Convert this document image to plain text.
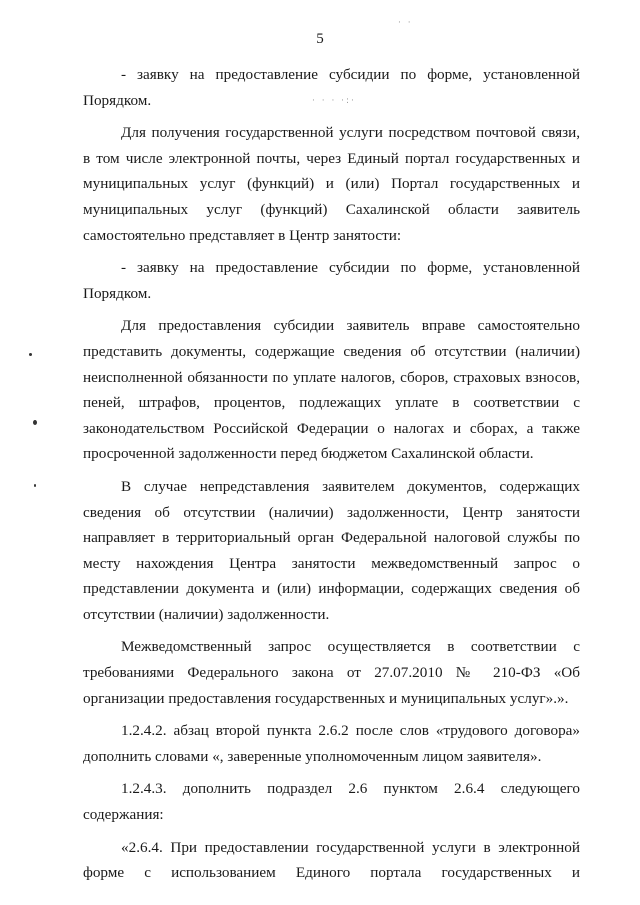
5
· ·
· · · ·:·

- заявку на предоставление субсидии по форме, установленной Порядком.

Для получения государственной услуги посредством почтовой связи, в том числе электронной почты, через Единый портал государственных и муниципальных услуг (функций) и (или) Портал государственных и муниципальных услуг (функций) Сахалинской области заявитель самостоятельно представляет в Центр занятости:

- заявку на предоставление субсидии по форме, установленной Порядком.

Для предоставления субсидии заявитель вправе самостоятельно представить документы, содержащие сведения об отсутствии (наличии) неисполненной обязанности по уплате налогов, сборов, страховых взносов, пеней, штрафов, процентов, подлежащих уплате в соответствии с законодательством Российской Федерации о налогах и сборах, а также просроченной задолженности перед бюджетом Сахалинской области.

В случае непредставления заявителем документов, содержащих сведения об отсутствии (наличии) задолженности, Центр занятости направляет в территориальный орган Федеральной налоговой службы по месту нахождения Центра занятости межведомственный запрос о представлении документа и (или) информации, содержащих сведения об отсутствии (наличии) задолженности.

Межведомственный запрос осуществляется в соответствии с требованиями Федерального закона от 27.07.2010 № 210-ФЗ «Об организации предоставления государственных и муниципальных услуг».».

1.2.4.2. абзац второй пункта 2.6.2 после слов «трудового договора» дополнить словами «, заверенные уполномоченным лицом заявителя».

1.2.4.3. дополнить подраздел 2.6 пунктом 2.6.4 следующего содержания:

«2.6.4. При предоставлении государственной услуги в электронной форме с использованием Единого портала государственных и
